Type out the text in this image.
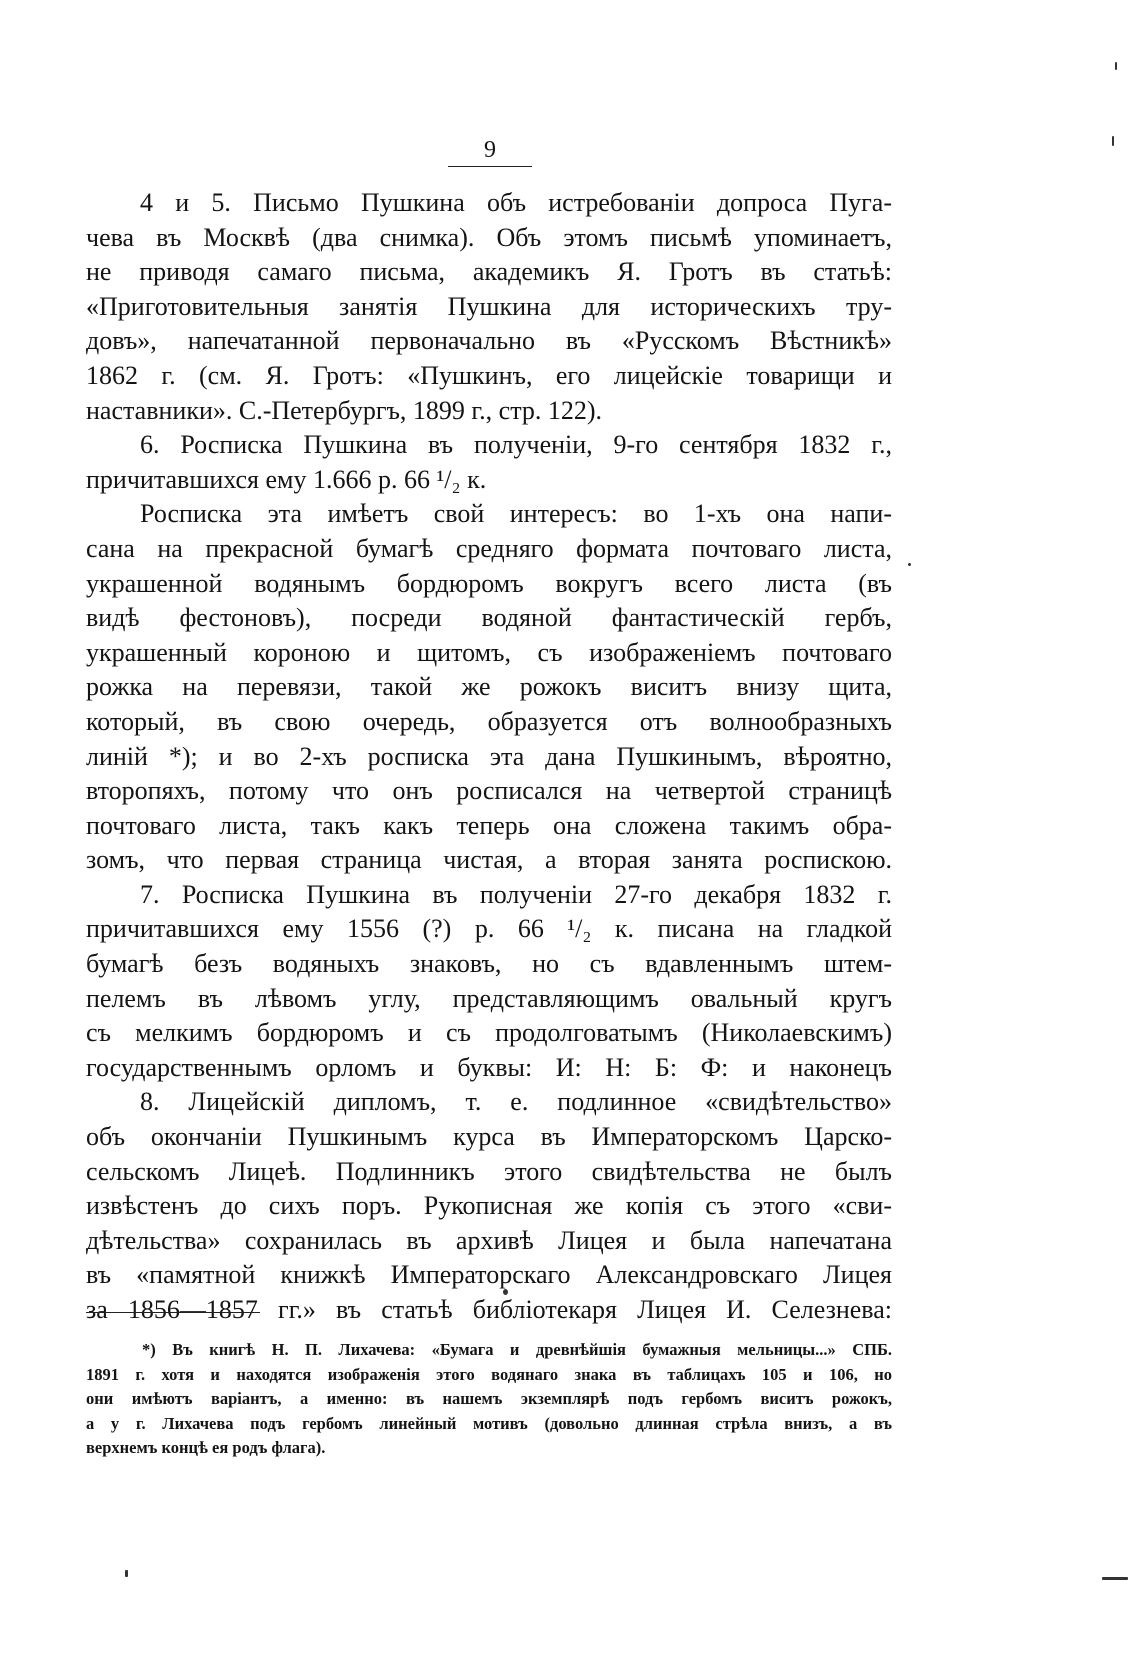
9
4 и 5. Письмо Пушкина объ истребованiи допроса Пуга-
чева въ Москвѣ (два снимка). Объ этомъ письмѣ упоминаетъ,
не приводя самаго письма, академикъ Я. Гротъ въ статьѣ:
«Приготовительныя занятія Пушкина для историческихъ тру-
довъ», напечатанной первоначально въ «Русскомъ Вѣстникѣ»
1862 г. (см. Я. Гротъ: «Пушкинъ, его лицейскіе товарищи и
наставники». С.-Петербургъ, 1899 г., стр. 122).
6. Росписка Пушкина въ полученiи, 9-го сентября 1832 г.,
причитавшихся ему 1.666 р. 66 ¹/₂ к.
Росписка эта имѣетъ свой интересъ: во 1-хъ она напи-
сана на прекрасной бумагѣ средняго формата почтоваго листа,
украшенной водянымъ бордюромъ вокругъ всего листа (въ
видѣ фестоновъ), посреди водяной фантастическій гербъ,
украшенный короною и щитомъ, съ изображеніемъ почтоваго
рожка на перевязи, такой же рожокъ виситъ внизу щита,
который, въ свою очередь, образуется отъ волнообразныхъ
линій *); и во 2-хъ росписка эта дана Пушкинымъ, вѣроятно,
второпяхъ, потому что онъ росписался на четвертой страницѣ
почтоваго листа, такъ какъ теперь она сложена такимъ обра-
зомъ, что первая страница чистая, а вторая занята роспискою.
7. Росписка Пушкина въ полученiи 27-го декабря 1832 г.
причитавшихся ему 1556 (?) р. 66 ¹/₂ к. писана на гладкой
бумагѣ безъ водяныхъ знаковъ, но съ вдавленнымъ штем-
пелемъ въ лѣвомъ углу, представляющимъ овальный кругъ
съ мелкимъ бордюромъ и съ продолговатымъ (Николаевскимъ)
государственнымъ орломъ и буквы: И: Н: Б: Ф: и наконецъ
8. Лицейскій дипломъ, т. е. подлинное «свидѣтельство»
объ окончаніи Пушкинымъ курса въ Императорскомъ Царско-
сельскомъ Лицеѣ. Подлинникъ этого свидѣтельства не былъ
извѣстенъ до сихъ поръ. Рукописная же копія съ этого «сви-
дѣтельства» сохранилась въ архивѣ Лицея и была напечатана
въ «памятной книжкѣ Императорскаго Александровскаго Лицея
за 1856—1857 гг.» въ статьѣ библіотекаря Лицея И. Селезнева:
*) Въ книгѣ Н. П. Лихачева: «Бумага и древнѣйшія бумажныя мельницы...» СПБ.
1891 г. хотя и находятся изображенія этого водянаго знака въ таблицахъ 105 и 106, но
они имѣютъ варіантъ, а именно: въ нашемъ экземплярѣ подъ гербомъ виситъ рожокъ,
а у г. Лихачева подъ гербомъ линейный мотивъ (довольно длинная стрѣла внизъ, а въ
верхнемъ концѣ ея родъ флага).
